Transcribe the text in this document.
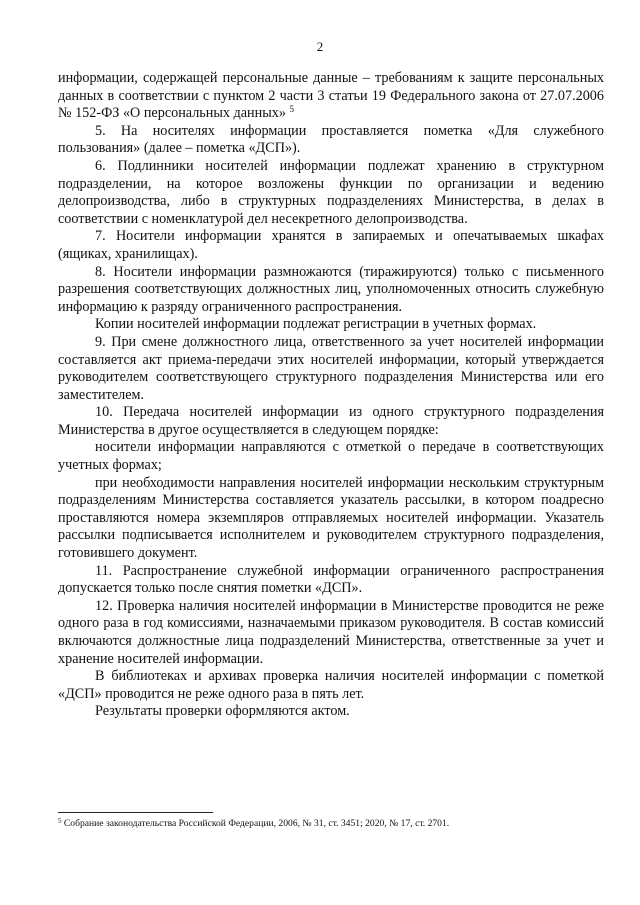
2

информации, содержащей персональные данные – требованиям к защите персональных данных в соответствии с пунктом 2 части 3 статьи 19 Федерального закона от 27.07.2006 № 152-ФЗ «О персональных данных» $^5$

5. На носителях информации проставляется пометка «Для служебного пользования» (далее – пометка «ДСП»).

6. Подлинники носителей информации подлежат хранению в структурном подразделении, на которое возложены функции по организации и ведению делопроизводства, либо в структурных подразделениях Министерства, в делах в соответствии с номенклатурой дел несекретного делопроизводства.

7. Носители информации хранятся в запираемых и опечатываемых шкафах (ящиках, хранилищах).

8. Носители информации размножаются (тиражируются) только с письменного разрешения соответствующих должностных лиц, уполномоченных относить служебную информацию к разряду ограниченного распространения.

Копии носителей информации подлежат регистрации в учетных формах.

9. При смене должностного лица, ответственного за учет носителей информации составляется акт приема-передачи этих носителей информации, который утверждается руководителем соответствующего структурного подразделения Министерства или его заместителем.

10. Передача носителей информации из одного структурного подразделения Министерства в другое осуществляется в следующем порядке:

носители информации направляются с отметкой о передаче в соответствующих учетных формах;

при необходимости направления носителей информации нескольким структурным подразделениям Министерства составляется указатель рассылки, в котором поадресно проставляются номера экземпляров отправляемых носителей информации. Указатель рассылки подписывается исполнителем и руководителем структурного подразделения, готовившего документ.

11. Распространение служебной информации ограниченного распространения допускается только после снятия пометки «ДСП».

12. Проверка наличия носителей информации в Министерстве проводится не реже одного раза в год комиссиями, назначаемыми приказом руководителя. В состав комиссий включаются должностные лица подразделений Министерства, ответственные за учет и хранение носителей информации.

В библиотеках и архивах проверка наличия носителей информации с пометкой «ДСП» проводится не реже одного раза в пять лет.

Результаты проверки оформляются актом.

$^5$ Собрание законодательства Российской Федерации, 2006, № 31, ст. 3451; 2020, № 17, ст. 2701.
